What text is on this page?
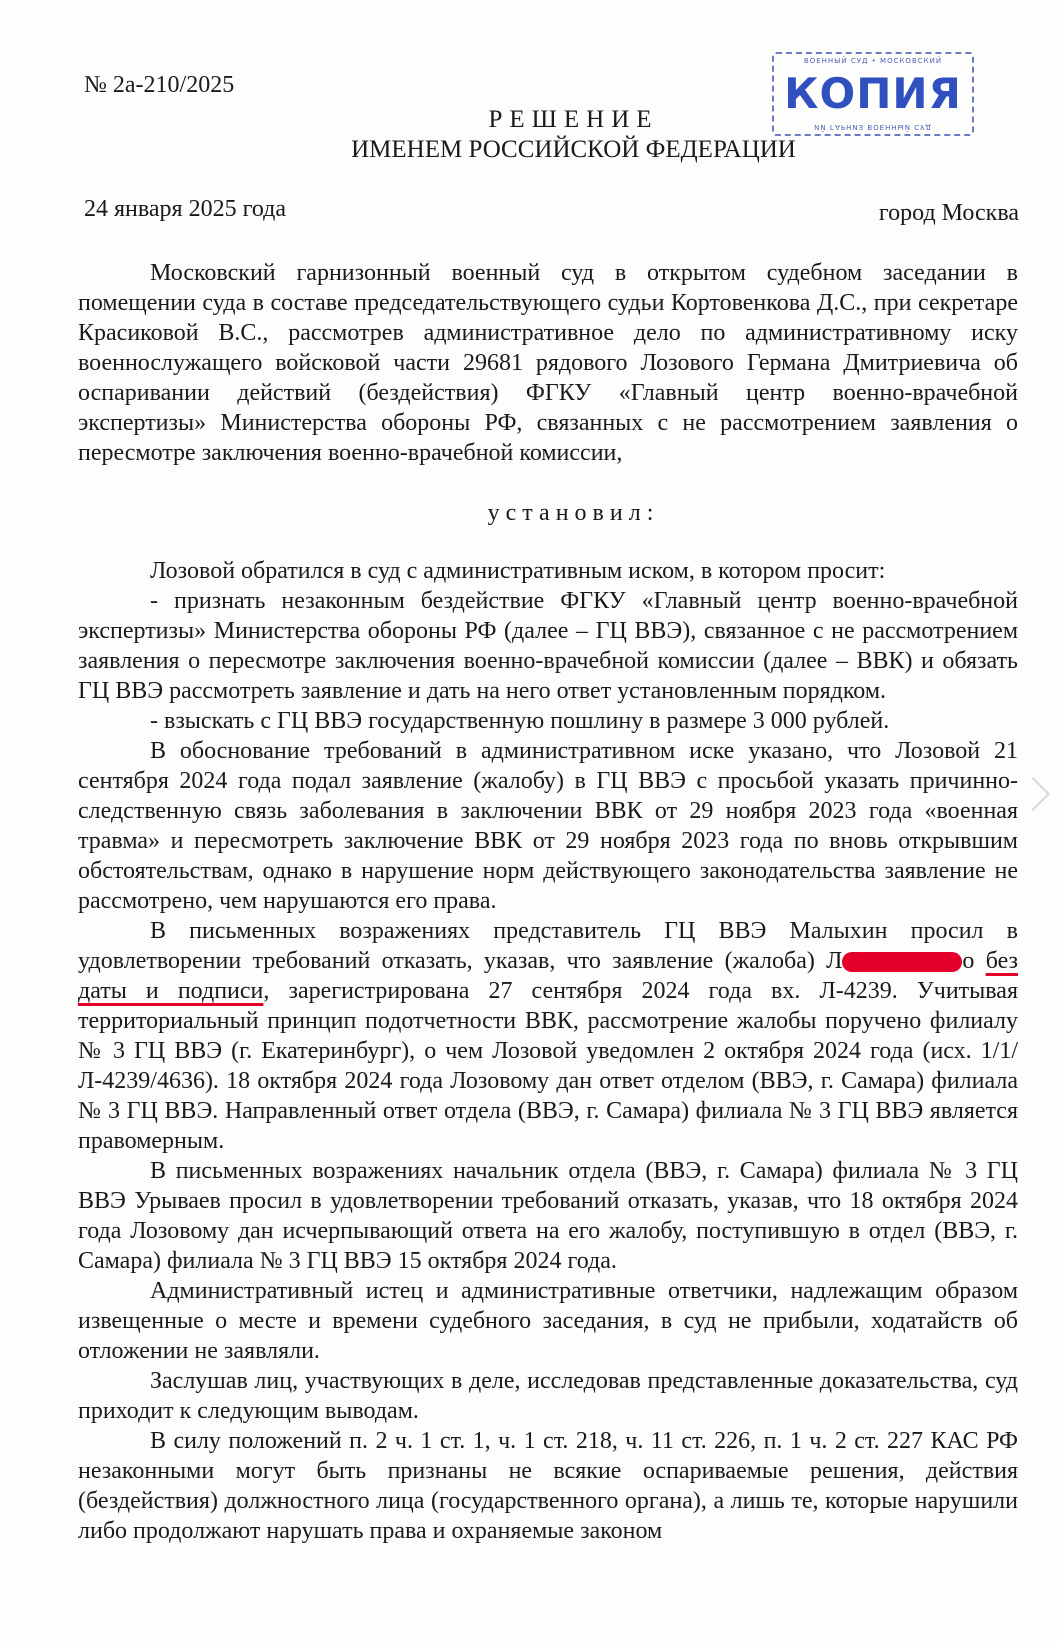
№ 2а-210/2025
ВОЕННЫЙ СУД • МОСКОВСКИЙ
КОПИЯ
ИЙ ГАРНИЗ ВОЕННЫЙ СУД
РЕШЕНИЕ
ИМЕНЕМ РОССИЙСКОЙ ФЕДЕРАЦИИ
24 января 2025 года	город Москва

Московский гарнизонный военный суд в открытом судебном заседании в помещении суда в составе председательствующего судьи Кортовенкова Д.С., при секретаре Красиковой В.С., рассмотрев административное дело по административному иску военнослужащего войсковой части 29681 рядового Лозового Германа Дмитриевича об оспаривании действий (бездействия) ФГКУ «Главный центр военно-врачебной экспертизы» Министерства обороны РФ, связанных с не рассмотрением заявления о пересмотре заключения военно-врачебной комиссии,

установил:

Лозовой обратился в суд с административным иском, в котором просит:

- признать незаконным бездействие ФГКУ «Главный центр военно-врачебной экспертизы» Министерства обороны РФ (далее – ГЦ ВВЭ), связанное с не рассмотрением заявления о пересмотре заключения военно-врачебной комиссии (далее – ВВК) и обязать ГЦ ВВЭ рассмотреть заявление и дать на него ответ установленным порядком.

- взыскать с ГЦ ВВЭ государственную пошлину в размере 3 000 рублей.

В обоснование требований в административном иске указано, что Лозовой 21 сентября 2024 года подал заявление (жалобу) в ГЦ ВВЭ с просьбой указать причинно-следственную связь заболевания в заключении ВВК от 29 ноября 2023 года «военная травма» и пересмотреть заключение ВВК от 29 ноября 2023 года по вновь открывшим обстоятельствам, однако в нарушение норм действующего законодательства заявление не рассмотрено, чем нарушаются его права.

В письменных возражениях представитель ГЦ ВВЭ Малыхин просил в удовлетворении требований отказать, указав, что заявление (жалоба) Л	о без даты и подписи, зарегистрирована 27 сентября 2024 года вх. Л-4239. Учитывая территориальный принцип подотчетности ВВК, рассмотрение жалобы поручено филиалу № 3 ГЦ ВВЭ (г. Екатеринбург), о чем Лозовой уведомлен 2 октября 2024 года (исх. 1/1/Л-4239/4636). 18 октября 2024 года Лозовому дан ответ отделом (ВВЭ, г. Самара) филиала № 3 ГЦ ВВЭ. Направленный ответ отдела (ВВЭ, г. Самара) филиала № 3 ГЦ ВВЭ является правомерным.

В письменных возражениях начальник отдела (ВВЭ, г. Самара) филиала № 3 ГЦ ВВЭ Урываев просил в удовлетворении требований отказать, указав, что 18 октября 2024 года Лозовому дан исчерпывающий ответа на его жалобу, поступившую в отдел (ВВЭ, г. Самара) филиала № 3 ГЦ ВВЭ 15 октября 2024 года.

Административный истец и административные ответчики, надлежащим образом извещенные о месте и времени судебного заседания, в суд не прибыли, ходатайств об отложении не заявляли.

Заслушав лиц, участвующих в деле, исследовав представленные доказательства, суд приходит к следующим выводам.

В силу положений п. 2 ч. 1 ст. 1, ч. 1 ст. 218, ч. 11 ст. 226, п. 1 ч. 2 ст. 227 КАС РФ незаконными могут быть признаны не всякие оспариваемые решения, действия (бездействия) должностного лица (государственного органа), а лишь те, которые нарушили либо продолжают нарушать права и охраняемые законом
